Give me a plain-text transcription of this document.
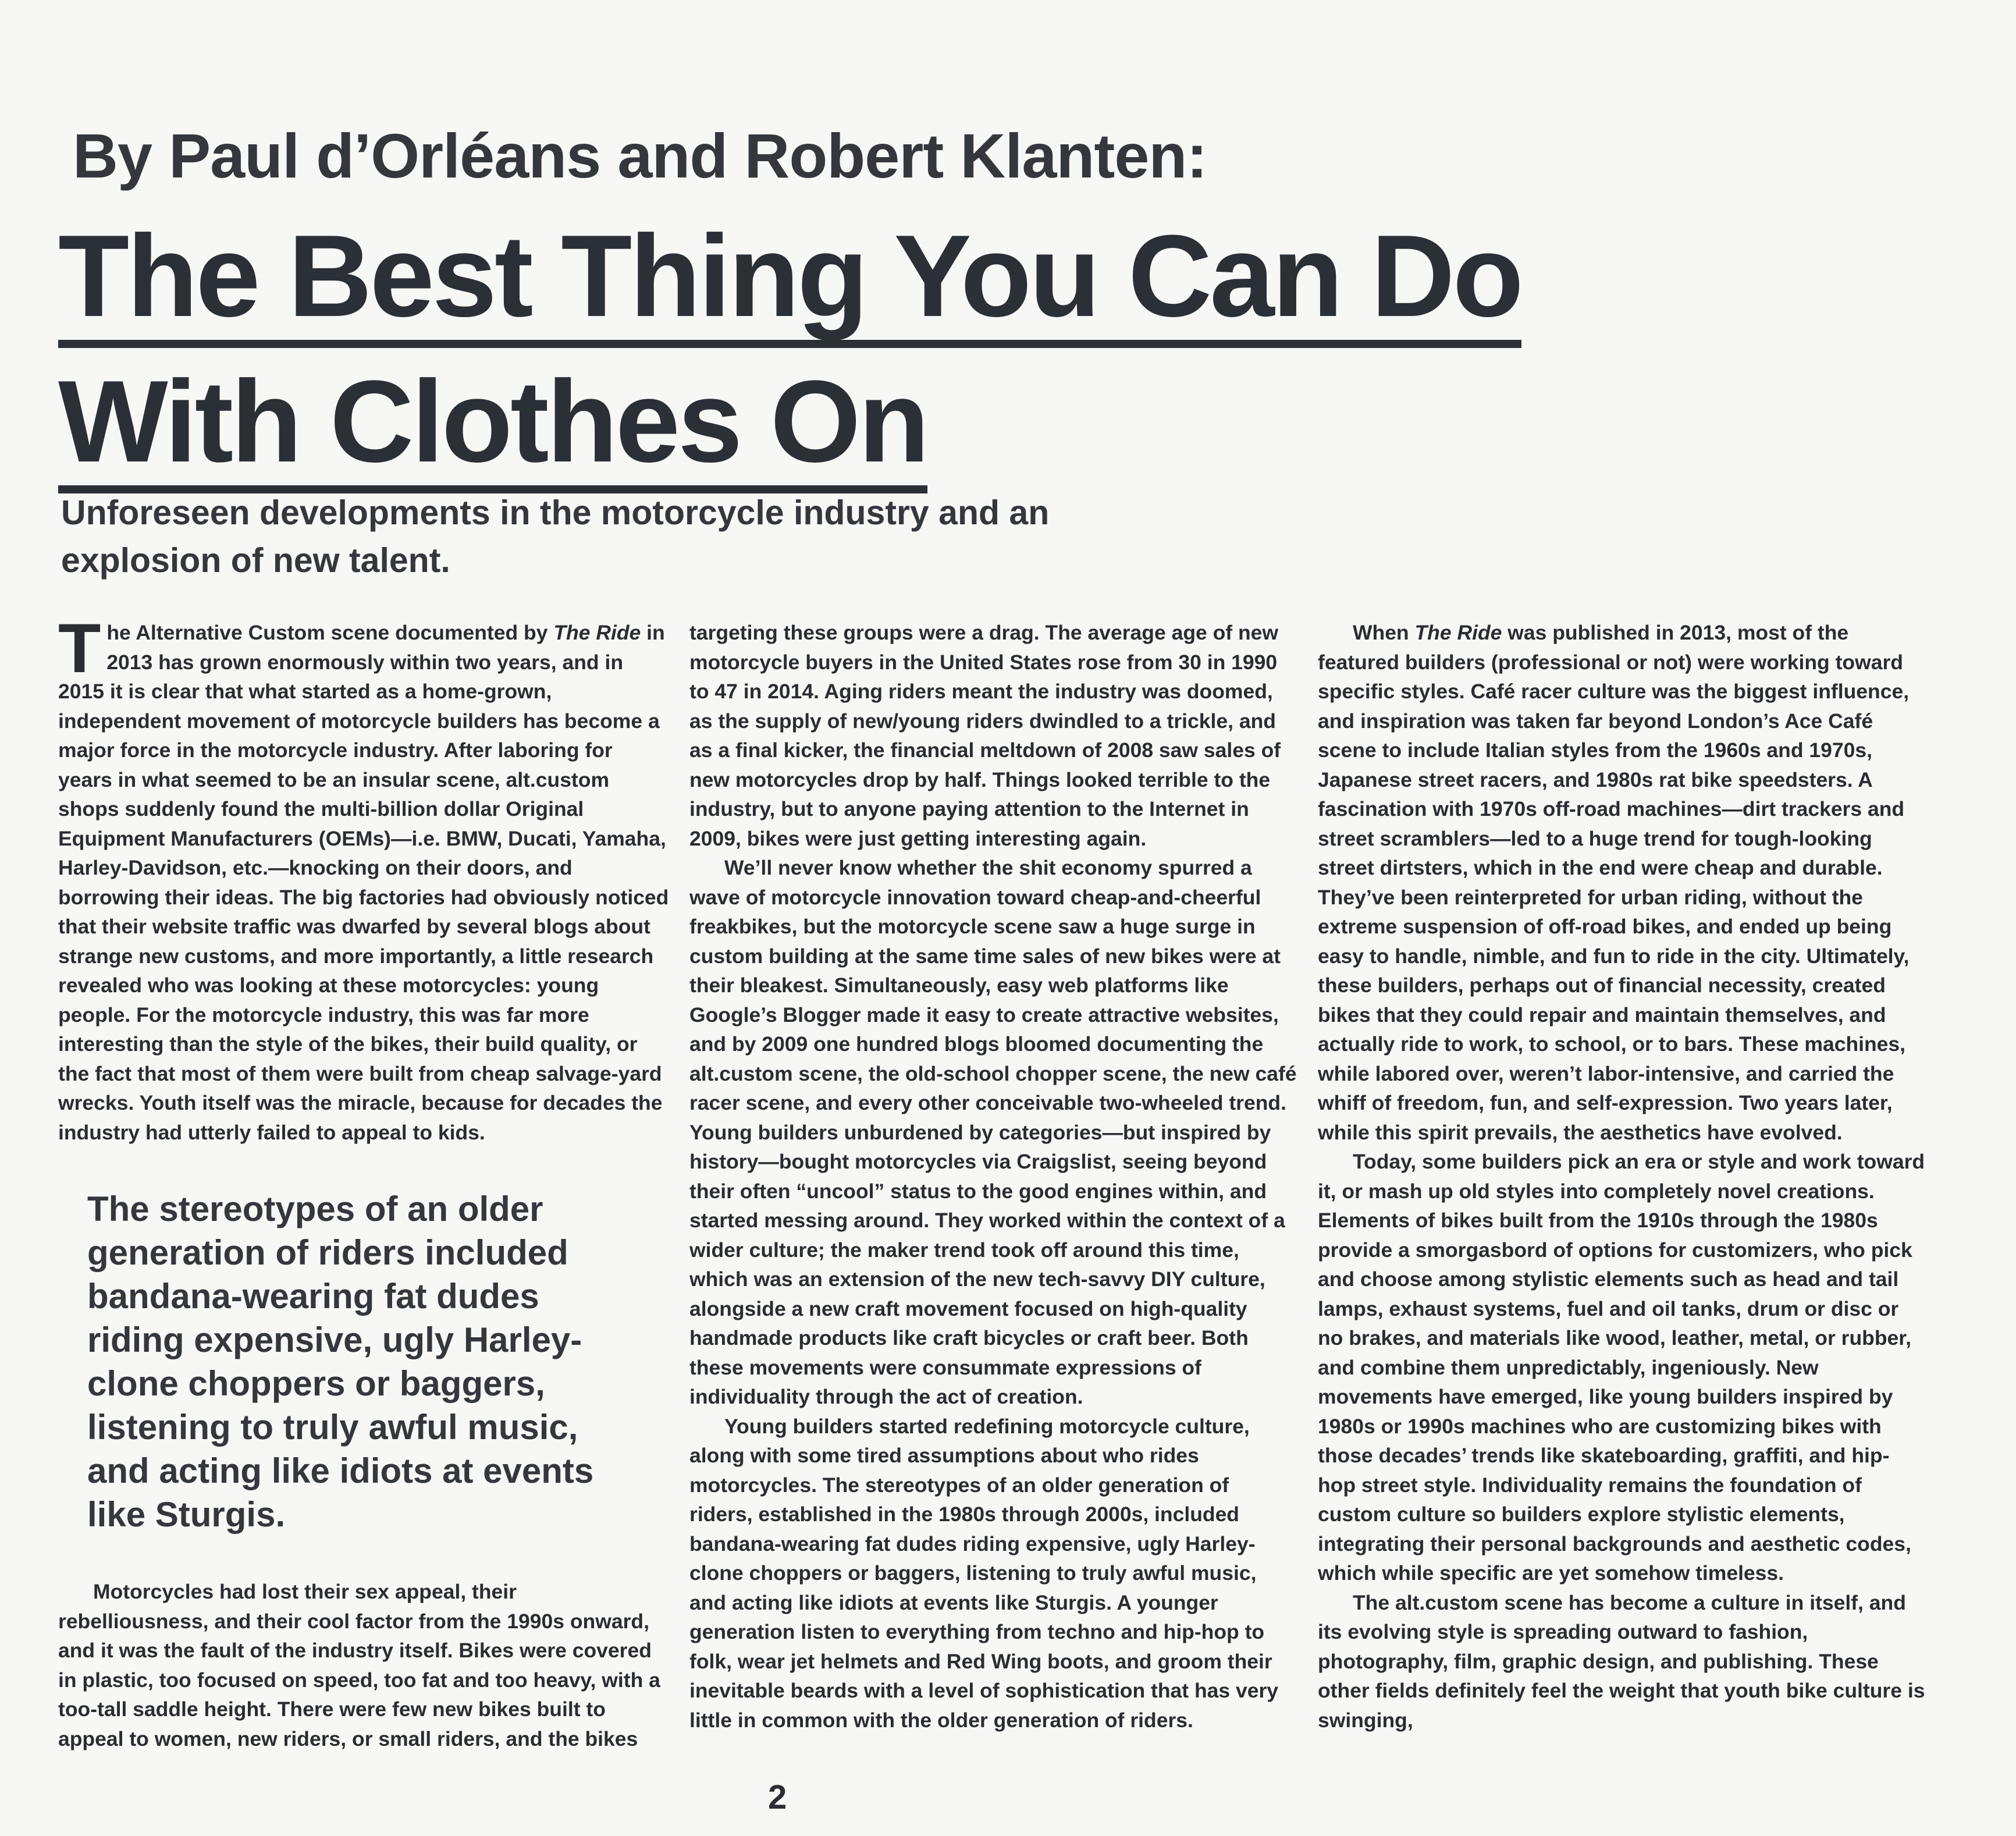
By Paul d’Orléans and Robert Klanten:
The Best Thing You Can Do
With Clothes On

Unforeseen developments in the motorcycle industry and an explosion of new talent.

The Alternative Custom scene documented by The Ride in 2013 has grown enormously within two years, and in 2015 it is clear that what started as a home-grown, independent movement of motorcycle builders has become a major force in the motorcycle industry. After laboring for years in what seemed to be an insular scene, alt.custom shops suddenly found the multi-billion dollar Original Equipment Manufacturers (OEMs)—i.e. BMW, Ducati, Yamaha, Harley-Davidson, etc.—knocking on their doors, and borrowing their ideas. The big factories had obviously noticed that their website traffic was dwarfed by several blogs about strange new customs, and more importantly, a little research revealed who was looking at these motorcycles: young people. For the motorcycle industry, this was far more interesting than the style of the bikes, their build quality, or the fact that most of them were built from cheap salvage-yard wrecks. Youth itself was the miracle, because for decades the industry had utterly failed to appeal to kids.

The stereotypes of an older generation of riders included bandana-wearing fat dudes riding expensive, ugly Harley-clone choppers or baggers, listening to truly awful music, and acting like idiots at events like Sturgis.

Motorcycles had lost their sex appeal, their rebelliousness, and their cool factor from the 1990s onward, and it was the fault of the industry itself. Bikes were covered in plastic, too focused on speed, too fat and too heavy, with a too-tall saddle height. There were few new bikes built to appeal to women, new riders, or small riders, and the bikes

targeting these groups were a drag. The average age of new motorcycle buyers in the United States rose from 30 in 1990 to 47 in 2014. Aging riders meant the industry was doomed, as the supply of new/young riders dwindled to a trickle, and as a final kicker, the financial meltdown of 2008 saw sales of new motorcycles drop by half. Things looked terrible to the industry, but to anyone paying attention to the Internet in 2009, bikes were just getting interesting again.

We’ll never know whether the shit economy spurred a wave of motorcycle innovation toward cheap-and-cheerful freakbikes, but the motorcycle scene saw a huge surge in custom building at the same time sales of new bikes were at their bleakest. Simultaneously, easy web platforms like Google’s Blogger made it easy to create attractive websites, and by 2009 one hundred blogs bloomed documenting the alt.custom scene, the old-school chopper scene, the new café racer scene, and every other conceivable two-wheeled trend. Young builders unburdened by categories—but inspired by history—bought motorcycles via Craigslist, seeing beyond their often “uncool” status to the good engines within, and started messing around. They worked within the context of a wider culture; the maker trend took off around this time, which was an extension of the new tech-savvy DIY culture, alongside a new craft movement focused on high-quality handmade products like craft bicycles or craft beer. Both these movements were consummate expressions of individuality through the act of creation.

Young builders started redefining motorcycle culture, along with some tired assumptions about who rides motorcycles. The stereotypes of an older generation of riders, established in the 1980s through 2000s, included bandana-wearing fat dudes riding expensive, ugly Harley-clone choppers or baggers, listening to truly awful music, and acting like idiots at events like Sturgis. A younger generation listen to everything from techno and hip-hop to folk, wear jet helmets and Red Wing boots, and groom their inevitable beards with a level of sophistication that has very little in common with the older generation of riders.

When The Ride was published in 2013, most of the featured builders (professional or not) were working toward specific styles. Café racer culture was the biggest influence, and inspiration was taken far beyond London’s Ace Café scene to include Italian styles from the 1960s and 1970s, Japanese street racers, and 1980s rat bike speedsters. A fascination with 1970s off-road machines—dirt trackers and street scramblers—led to a huge trend for tough-looking street dirtsters, which in the end were cheap and durable. They’ve been reinterpreted for urban riding, without the extreme suspension of off-road bikes, and ended up being easy to handle, nimble, and fun to ride in the city. Ultimately, these builders, perhaps out of financial necessity, created bikes that they could repair and maintain themselves, and actually ride to work, to school, or to bars. These machines, while labored over, weren’t labor-intensive, and carried the whiff of freedom, fun, and self-expression. Two years later, while this spirit prevails, the aesthetics have evolved.

Today, some builders pick an era or style and work toward it, or mash up old styles into completely novel creations. Elements of bikes built from the 1910s through the 1980s provide a smorgasbord of options for customizers, who pick and choose among stylistic elements such as head and tail lamps, exhaust systems, fuel and oil tanks, drum or disc or no brakes, and materials like wood, leather, metal, or rubber, and combine them unpredictably, ingeniously. New movements have emerged, like young builders inspired by 1980s or 1990s machines who are customizing bikes with those decades’ trends like skateboarding, graffiti, and hip-hop street style. Individuality remains the foundation of custom culture so builders explore stylistic elements, integrating their personal backgrounds and aesthetic codes, which while specific are yet somehow timeless.

The alt.custom scene has become a culture in itself, and its evolving style is spreading outward to fashion, photography, film, graphic design, and publishing. These other fields definitely feel the weight that youth bike culture is swinging,

2
